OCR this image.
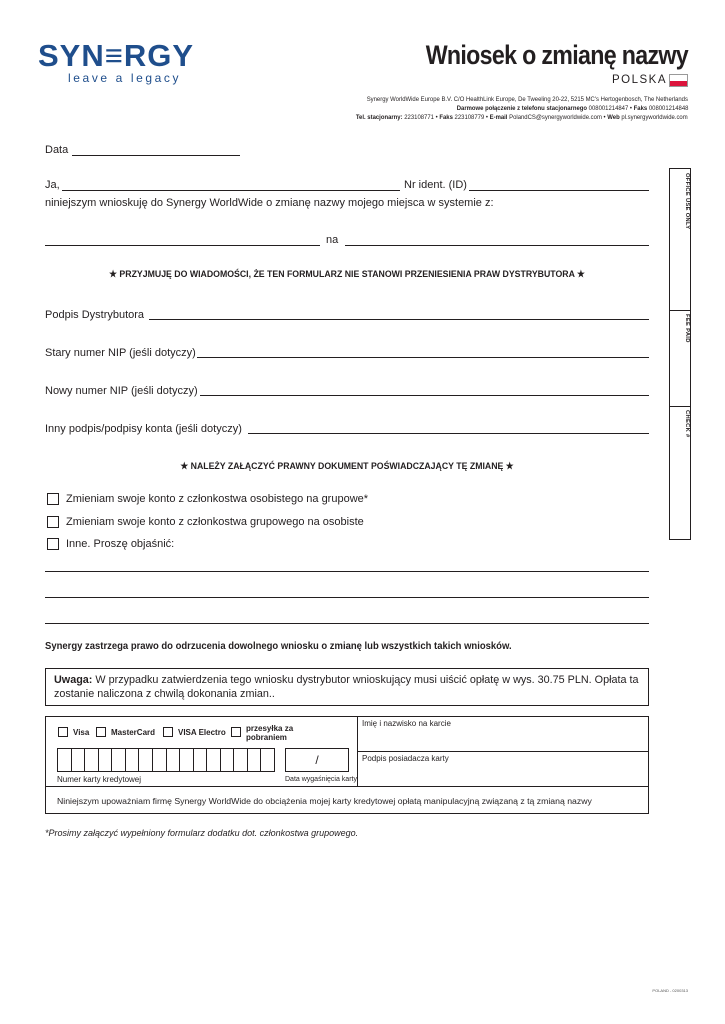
SYN≡RGY
leave a legacy
Wniosek o zmianę nazwy
POLSKA
Synergy WorldWide Europe B.V. C/O HealthLink Europe, De Tweeling 20-22, 5215 MC's Hertogenbosch, The Netherlands
Darmowe połączenie z telefonu stacjonarnego 008001214847 • Faks 008001214848
Tel. stacjonarny: 223108771 • Faks 223108779 • E-mail PolandCS@synergyworldwide.com • Web pl.synergyworldwide.com
Data
Ja,	Nr ident. (ID)
niniejszym wnioskuję do Synergy WorldWide o zmianę nazwy mojego miejsca w systemie z:
na
★ PRZYJMUJĘ DO WIADOMOŚCI, ŻE TEN FORMULARZ NIE STANOWI PRZENIESIENIA PRAW DYSTRYBUTORA ★
Podpis Dystrybutora
Stary numer NIP (jeśli dotyczy)
Nowy numer NIP (jeśli dotyczy)
Inny podpis/podpisy konta (jeśli dotyczy)
★ NALEŻY ZAŁĄCZYĆ PRAWNY DOKUMENT POŚWIADCZAJĄCY TĘ ZMIANĘ ★
Zmieniam swoje konto z członkostwa osobistego na grupowe*
Zmieniam swoje konto z członkostwa grupowego na osobiste
Inne. Proszę objaśnić:
OFFICE USE ONLY
FEE PAID
CHECK #
Synergy zastrzega prawo do odrzucenia dowolnego wniosku o zmianę lub wszystkich takich wniosków.
Uwaga: W przypadku zatwierdzenia tego wniosku dystrybutor wnioskujący musi uiścić opłatę w wys. 30.75 PLN. Opłata ta zostanie naliczona z chwilą dokonania zmian..
Visa	MasterCard	VISA Electro	przesyłka za pobraniem
/
Numer karty kredytowej	Data wygaśnięcia karty
Imię i nazwisko na karcie
Podpis posiadacza karty
Niniejszym upoważniam firmę Synergy WorldWide do obciążenia mojej karty kredytowej opłatą manipulacyjną związaną z tą zmianą nazwy
*Prosimy załączyć wypełniony formularz dodatku dot. członkostwa grupowego.
POLAND - 0200313
